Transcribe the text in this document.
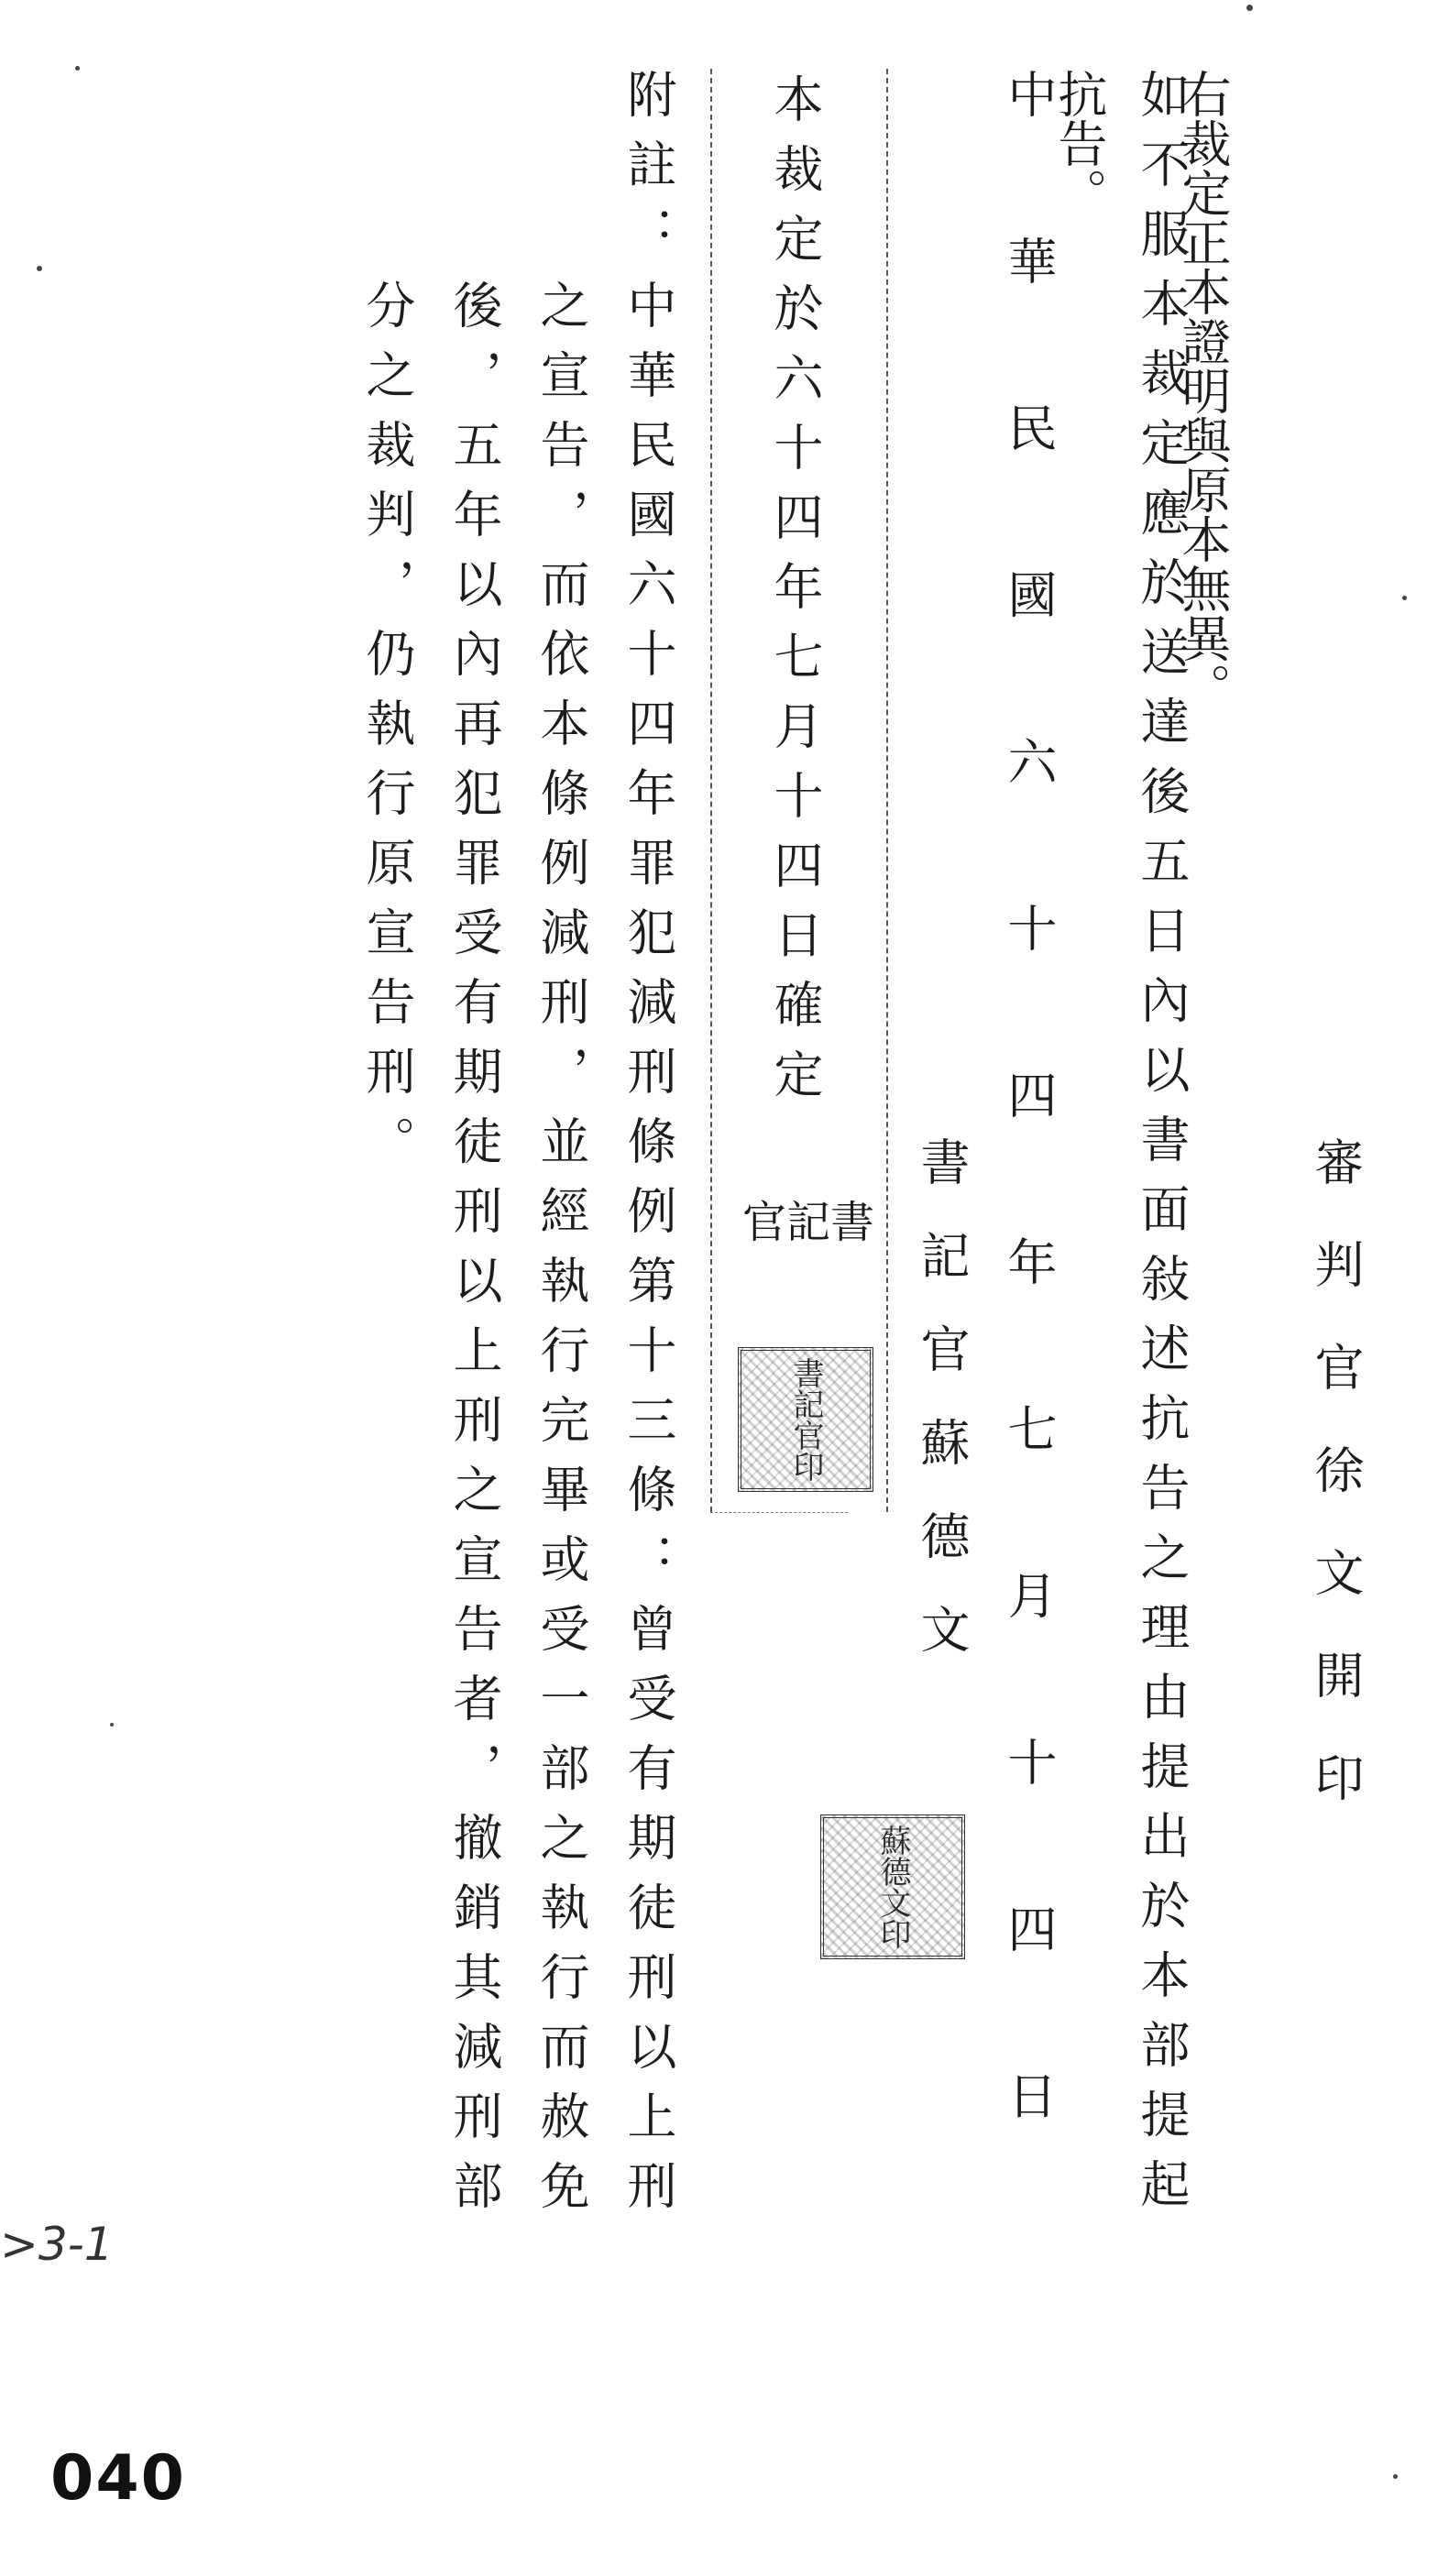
右裁定正本證明與原本無異。
審判官徐文開印
如不服本裁定應於送達後五日內以書面敍述抗告之理由提出於本部提起
抗告。
中華民國六十四年七月十四日
書記官蘇德文
蘇德文印
本裁定於六十四年七月十四日確定
書記官
書記官印
附註
：
中華民國六十四年罪犯減刑條例第十三條：曾受有期徒刑以上刑
之宣告，而依本條例減刑，並經執行完畢或受一部之執行而赦免
後，五年以內再犯罪受有期徒刑以上刑之宣告者，撤銷其減刑部
分之裁判，仍執行原宣告刑。
>3-1
040
